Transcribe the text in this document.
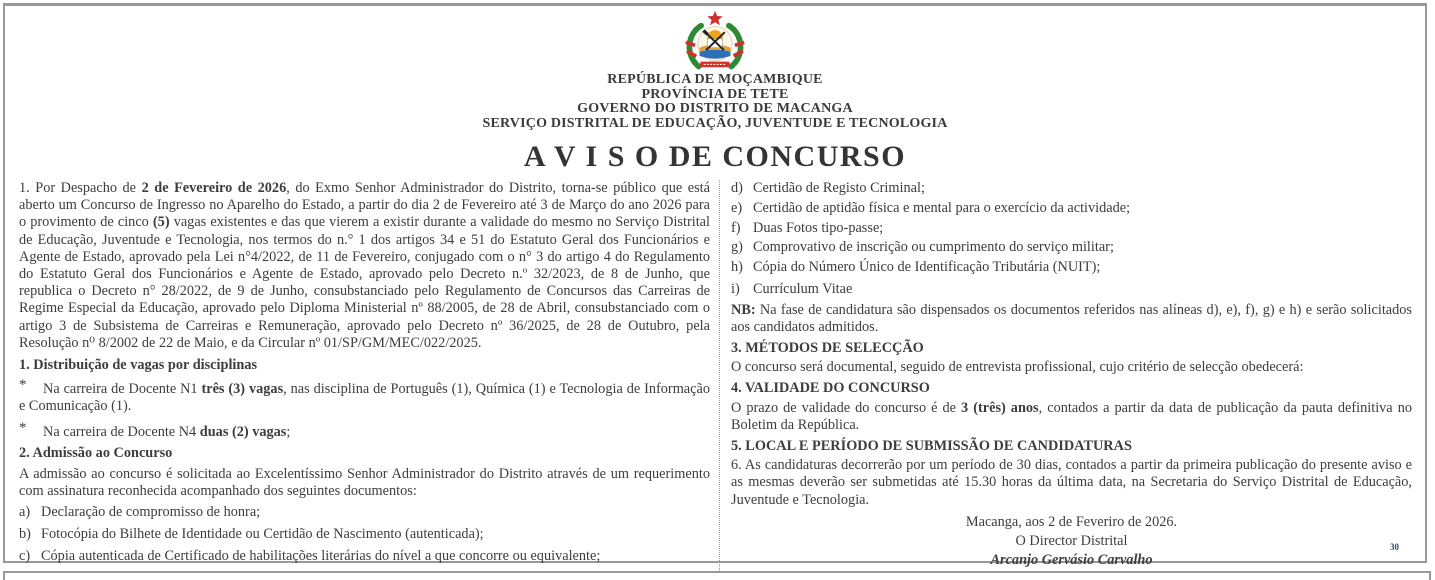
REPÚBLICA DE MOÇAMBIQUE
PROVÍNCIA DE TETE
GOVERNO DO DISTRITO DE MACANGA
SERVIÇO DISTRITAL DE EDUCAÇÃO, JUVENTUDE E TECNOLOGIA
A V I S O DE CONCURSO

1. Por Despacho de 2 de Fevereiro de 2026, do Exmo Senhor Administrador do Distrito, torna-se público que está aberto um Concurso de Ingresso no Aparelho do Estado, a partir do dia 2 de Fevereiro até 3 de Março do ano 2026 para o provimento de cinco (5) vagas existentes e das que vierem a existir durante a validade do mesmo no Serviço Distrital de Educação, Juventude e Tecnologia, nos termos do n.° 1 dos artigos 34 e 51 do Estatuto Geral dos Funcionários e Agente de Estado, aprovado pela Lei n°4/2022, de 11 de Fevereiro, conjugado com o n° 3 do artigo 4 do Regulamento do Estatuto Geral dos Funcionários e Agente de Estado, aprovado pelo Decreto n.º 32/2023, de 8 de Junho, que republica o Decreto n° 28/2022, de 9 de Junho, consubstanciado pelo Regulamento de Concursos das Carreiras de Regime Especial da Educação, aprovado pelo Diploma Ministerial nº 88/2005, de 28 de Abril, consubstanciado com o artigo 3 de Subsistema de Carreiras e Remuneração, aprovado pelo Decreto nº 36/2025, de 28 de Outubro, pela Resolução n⁰ 8/2002 de 22 de Maio, e da Circular nº 01/SP/GM/MEC/022/2025.

1. Distribuição de vagas por disciplinas

* Na carreira de Docente N1 três (3) vagas, nas disciplina de Português (1), Química (1) e Tecnologia de Informação e Comunicação (1).

* Na carreira de Docente N4 duas (2) vagas;

2. Admissão ao Concurso

A admissão ao concurso é solicitada ao Excelentíssimo Senhor Administrador do Distrito através de um requerimento com assinatura reconhecida acompanhado dos seguintes documentos:

a) Declaração de compromisso de honra;

b) Fotocópia do Bilhete de Identidade ou Certidão de Nascimento (autenticada);

c) Cópia autenticada de Certificado de habilitações literárias do nível a que concorre ou equivalente;

d) Certidão de Registo Criminal;

e) Certidão de aptidão física e mental para o exercício da actividade;

f) Duas Fotos tipo-passe;

g) Comprovativo de inscrição ou cumprimento do serviço militar;

h) Cópia do Número Único de Identificação Tributária (NUIT);

i) Currículum Vitae

NB: Na fase de candidatura são dispensados os documentos referidos nas alíneas d), e), f), g) e h) e serão solicitados aos candidatos admitidos.

3. MÉTODOS DE SELECÇÃO

O concurso será documental, seguido de entrevista profissional, cujo critério de selecção obedecerá:

4. VALIDADE DO CONCURSO

O prazo de validade do concurso é de 3 (três) anos, contados a partir da data de publicação da pauta definitiva no Boletim da República.

5. LOCAL E PERÍODO DE SUBMISSÃO DE CANDIDATURAS

6. As candidaturas decorrerão por um período de 30 dias, contados a partir da primeira publicação do presente aviso e as mesmas deverão ser submetidas até 15.30 horas da última data, na Secretaria do Serviço Distrital de Educação, Juventude e Tecnologia.

Macanga, aos 2 de Feveriro de 2026.
O Director Distrital
Arcanjo Gervásio Carvalho
30
